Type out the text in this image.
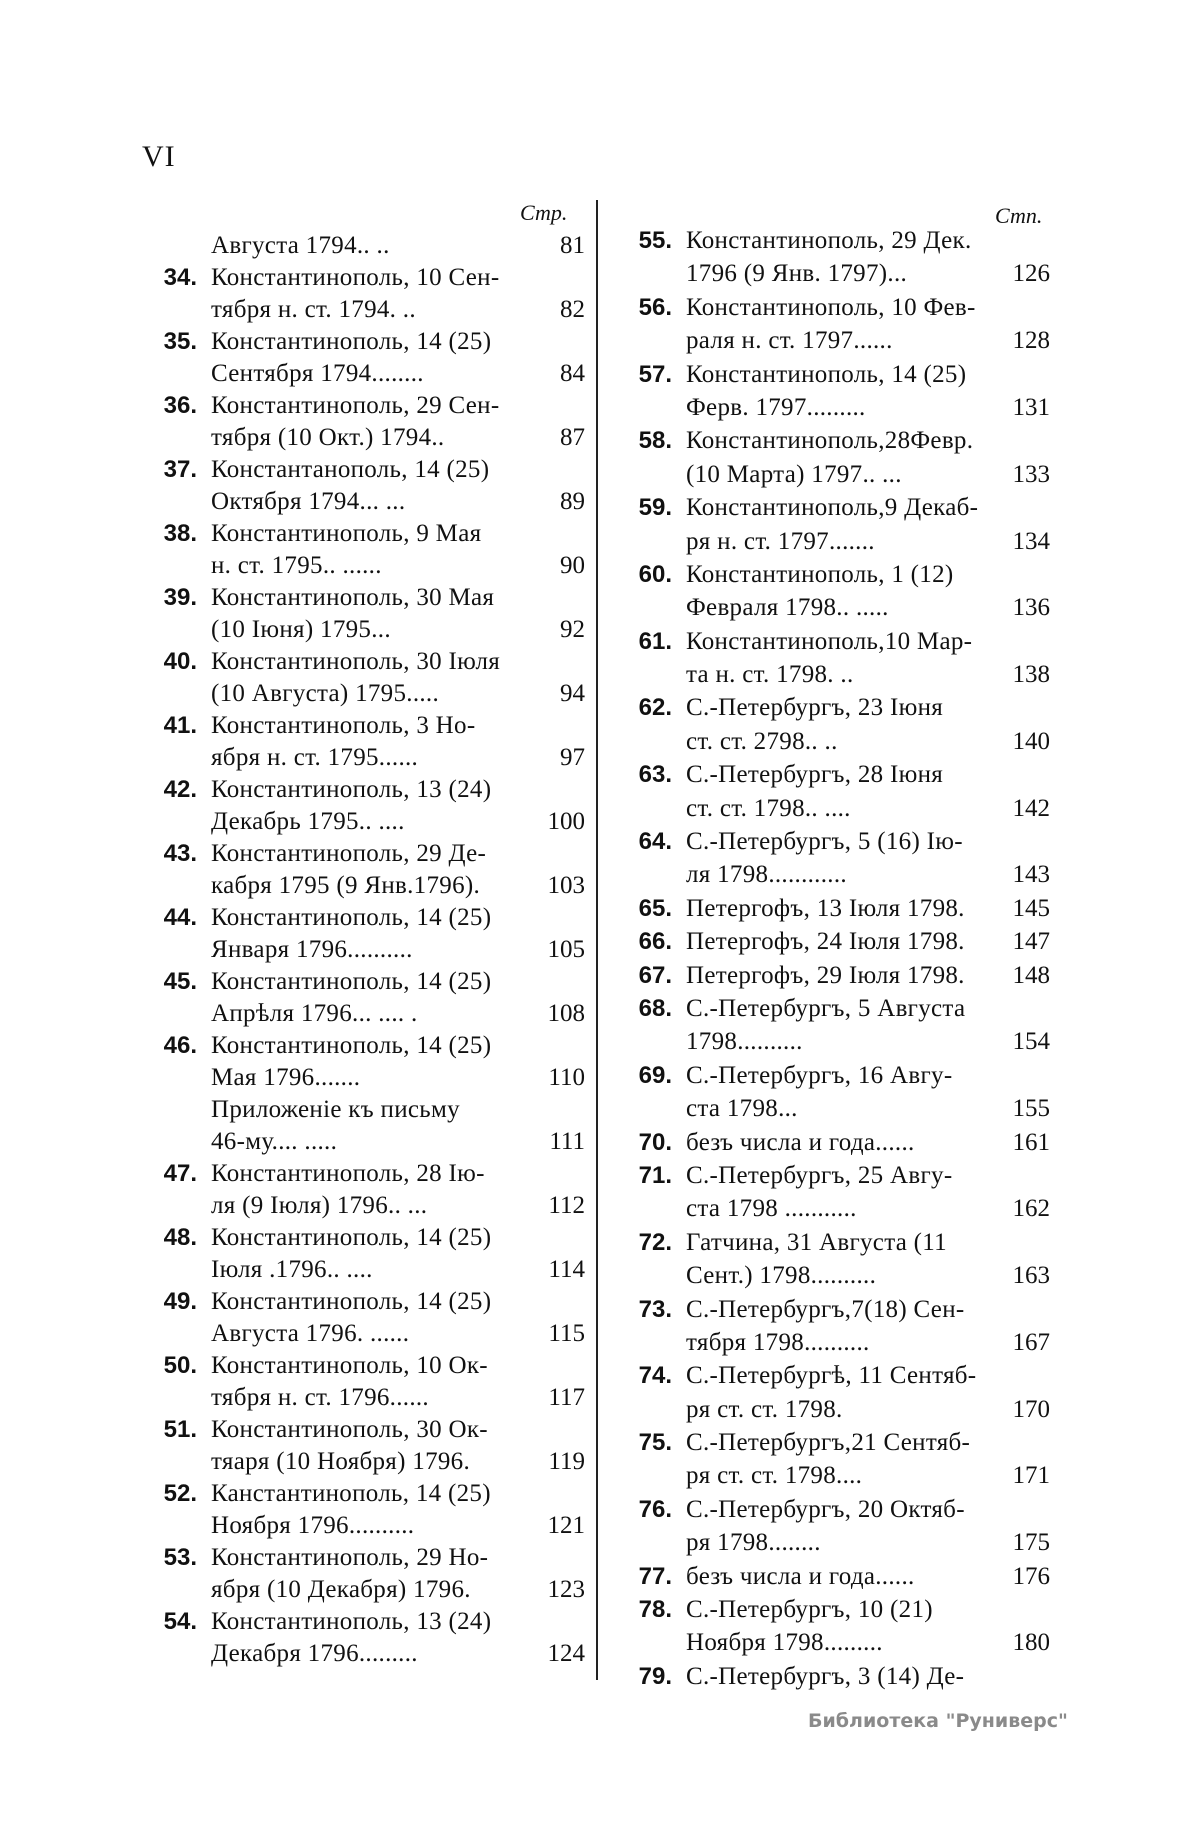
VI
Стр.	Стп.
Августа 1794.. ..	81
34. Константинополь, 10 Сен-
тября н. ст. 1794. ..	82
35. Константинополь, 14 (25)
Сентября 1794........	84
36. Константинополь, 29 Сен-
тября (10 Окт.) 1794..	87
37. Константанополь, 14 (25)
Октября 1794... ...	89
38. Константинополь, 9 Мая
н. ст. 1795.. ......	90
39. Константинополь, 30 Мая
(10 Іюня) 1795...	92
40. Константинополь, 30 Іюля
(10 Августа) 1795.....	94
41. Константинополь, 3 Но-
ября н. ст. 1795......	97
42. Константинополь, 13 (24)
Декабрь 1795.. ....	100
43. Константинополь, 29 Де-
кабря 1795 (9 Янв.1796).	103
44. Константинополь, 14 (25)
Января 1796..........	105
45. Константинополь, 14 (25)
Апрѣля 1796... .... .	108
46. Константинополь, 14 (25)
Мая 1796.......	110
Приложеніе къ письму
46-му.... .....	111
47. Константинополь, 28 Ію-
ля (9 Іюля) 1796.. ...	112
48. Константинополь, 14 (25)
Іюля .1796.. ....	114
49. Константинополь, 14 (25)
Августа 1796. ......	115
50. Константинополь, 10 Ок-
тября н. ст. 1796......	117
51. Константинополь, 30 Ок-
тяаря (10 Ноября) 1796.	119
52. Канстантинополь, 14 (25)
Ноября 1796..........	121
53. Константинополь, 29 Но-
ября (10 Декабря) 1796.	123
54. Константинополь, 13 (24)
Декабря 1796.........	124
55. Константинополь, 29 Дек.
1796 (9 Янв. 1797)...	126
56. Константинополь, 10 Фев-
раля н. ст. 1797......	128
57. Константинополь, 14 (25)
Ферв. 1797.........	131
58. Константинополь,28Февр.
(10 Марта) 1797.. ...	133
59. Константинополь,9 Декаб-
ря н. ст. 1797.......	134
60. Константинополь, 1 (12)
Февраля 1798.. .....	136
61. Константинополь,10 Мар-
та н. ст. 1798. ..	138
62. С.-Петербургъ, 23 Іюня
ст. ст. 2798.. ..	140
63. С.-Петербургъ, 28 Іюня
ст. ст. 1798.. ....	142
64. С.-Петербургъ, 5 (16) Ію-
ля 1798............	143
65. Петергофъ, 13 Іюля 1798. 145
66. Петергофъ, 24 Іюля 1798. 147
67. Петергофъ, 29 Іюля 1798. 148
68. С.-Петербургъ, 5 Августа
1798..........	154
69. С.-Петербургъ, 16 Авгу-
ста 1798...	155
70. безъ числа и года......	161
71. С.-Петербургъ, 25 Авгу-
ста 1798 ...........	162
72. Гатчина, 31 Августа (11
Сент.) 1798..........	163
73. С.-Петербургъ,7(18) Сен-
тября 1798..........	167
74. С.-Петербургѣ, 11 Сентяб-
ря ст. ст. 1798.	170
75. С.-Петербургъ,21 Сентяб-
ря ст. ст. 1798....	171
76. С.-Петербургъ, 20 Октяб-
ря 1798........	175
77. безъ числа и года......	176
78. С.-Петербургъ, 10 (21)
Ноября 1798.........	180
79. С.-Петербургъ, 3 (14) Де-
Библиотека "Руниверс"
